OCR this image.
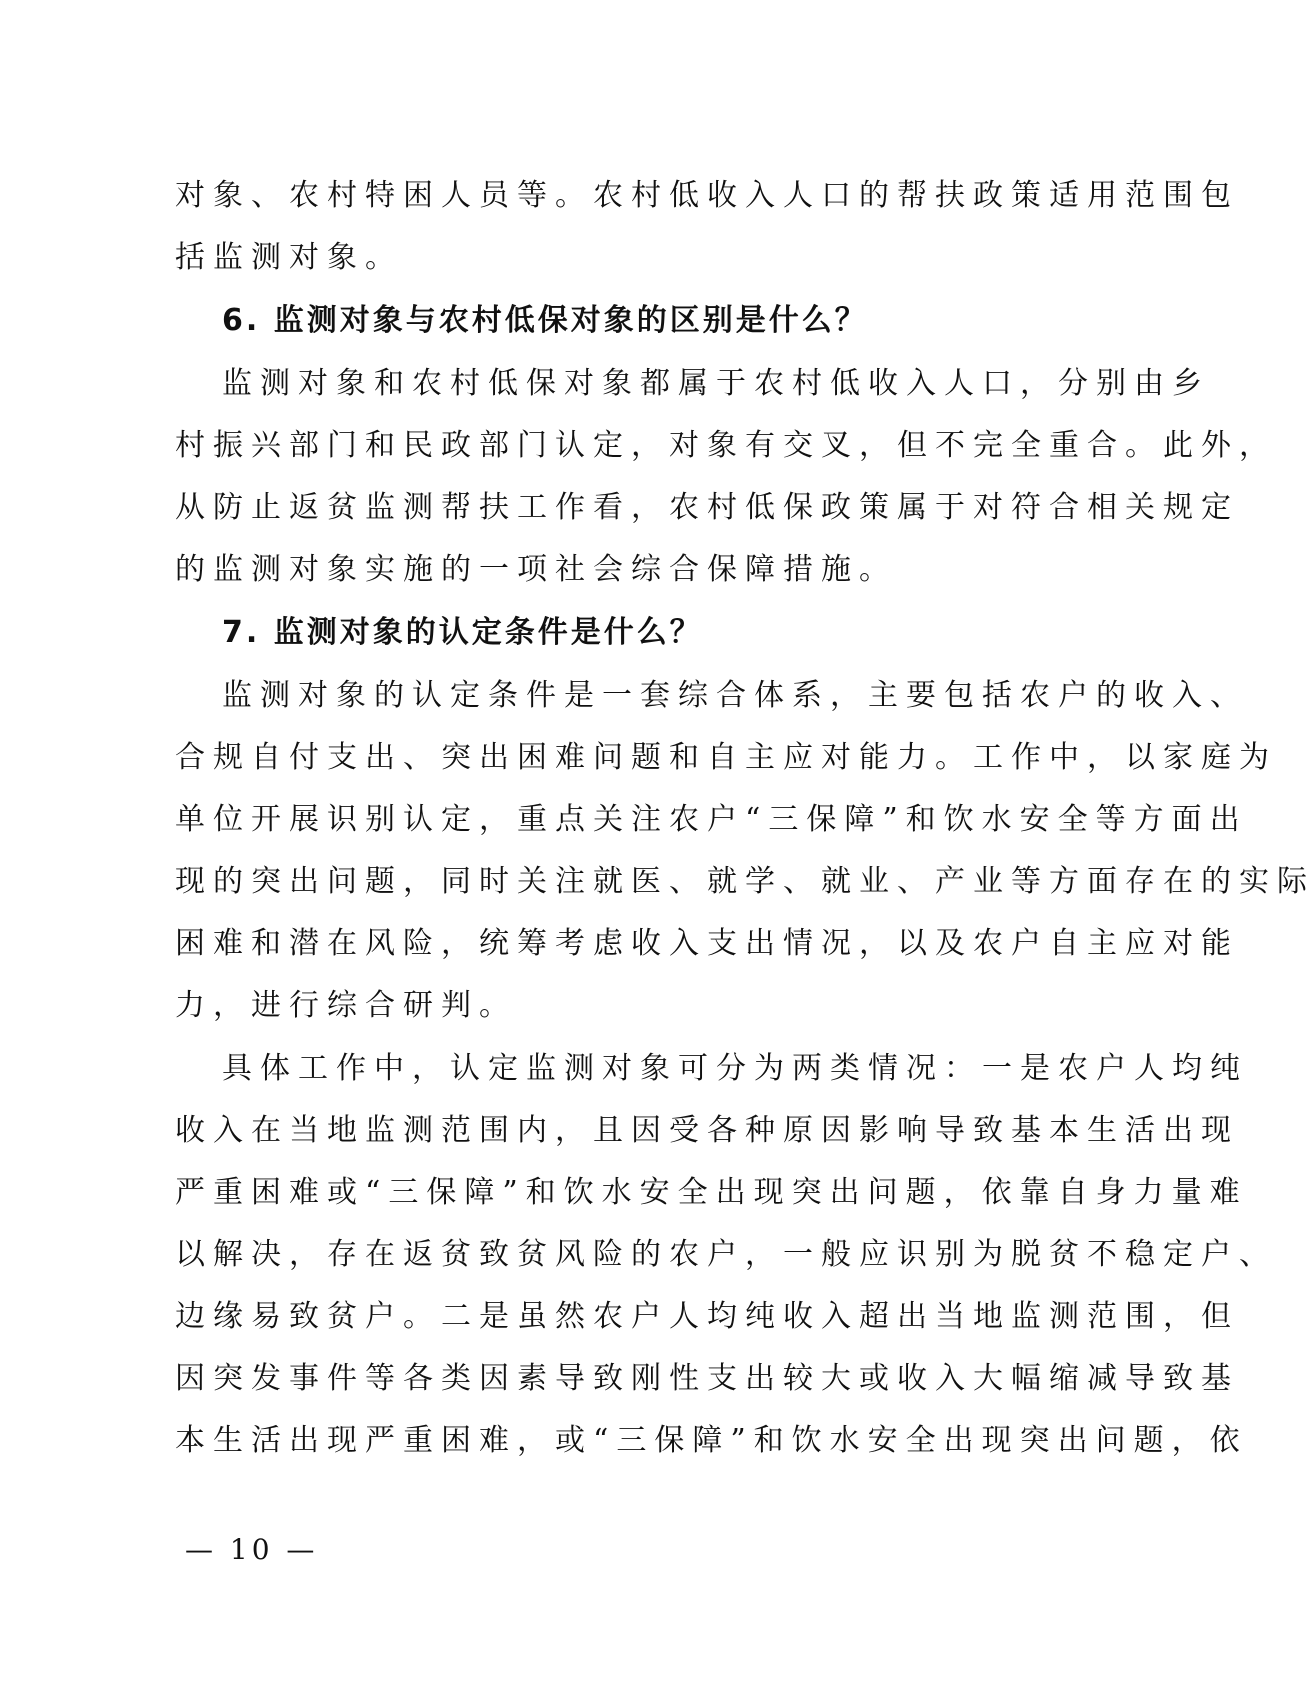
对象、农村特困人员等。农村低收入人口的帮扶政策适用范围包
括监测对象。
6. 监测对象与农村低保对象的区别是什么？
监测对象和农村低保对象都属于农村低收入人口，分别由乡
村振兴部门和民政部门认定，对象有交叉，但不完全重合。此外，
从防止返贫监测帮扶工作看，农村低保政策属于对符合相关规定
的监测对象实施的一项社会综合保障措施。
7. 监测对象的认定条件是什么？
监测对象的认定条件是一套综合体系，主要包括农户的收入、
合规自付支出、突出困难问题和自主应对能力。工作中，以家庭为
单位开展识别认定，重点关注农户“三保障”和饮水安全等方面出
现的突出问题，同时关注就医、就学、就业、产业等方面存在的实际
困难和潜在风险，统筹考虑收入支出情况，以及农户自主应对能
力，进行综合研判。
具体工作中，认定监测对象可分为两类情况：一是农户人均纯
收入在当地监测范围内，且因受各种原因影响导致基本生活出现
严重困难或“三保障”和饮水安全出现突出问题，依靠自身力量难
以解决，存在返贫致贫风险的农户，一般应识别为脱贫不稳定户、
边缘易致贫户。二是虽然农户人均纯收入超出当地监测范围，但
因突发事件等各类因素导致刚性支出较大或收入大幅缩减导致基
本生活出现严重困难，或“三保障”和饮水安全出现突出问题，依
— 10 —
